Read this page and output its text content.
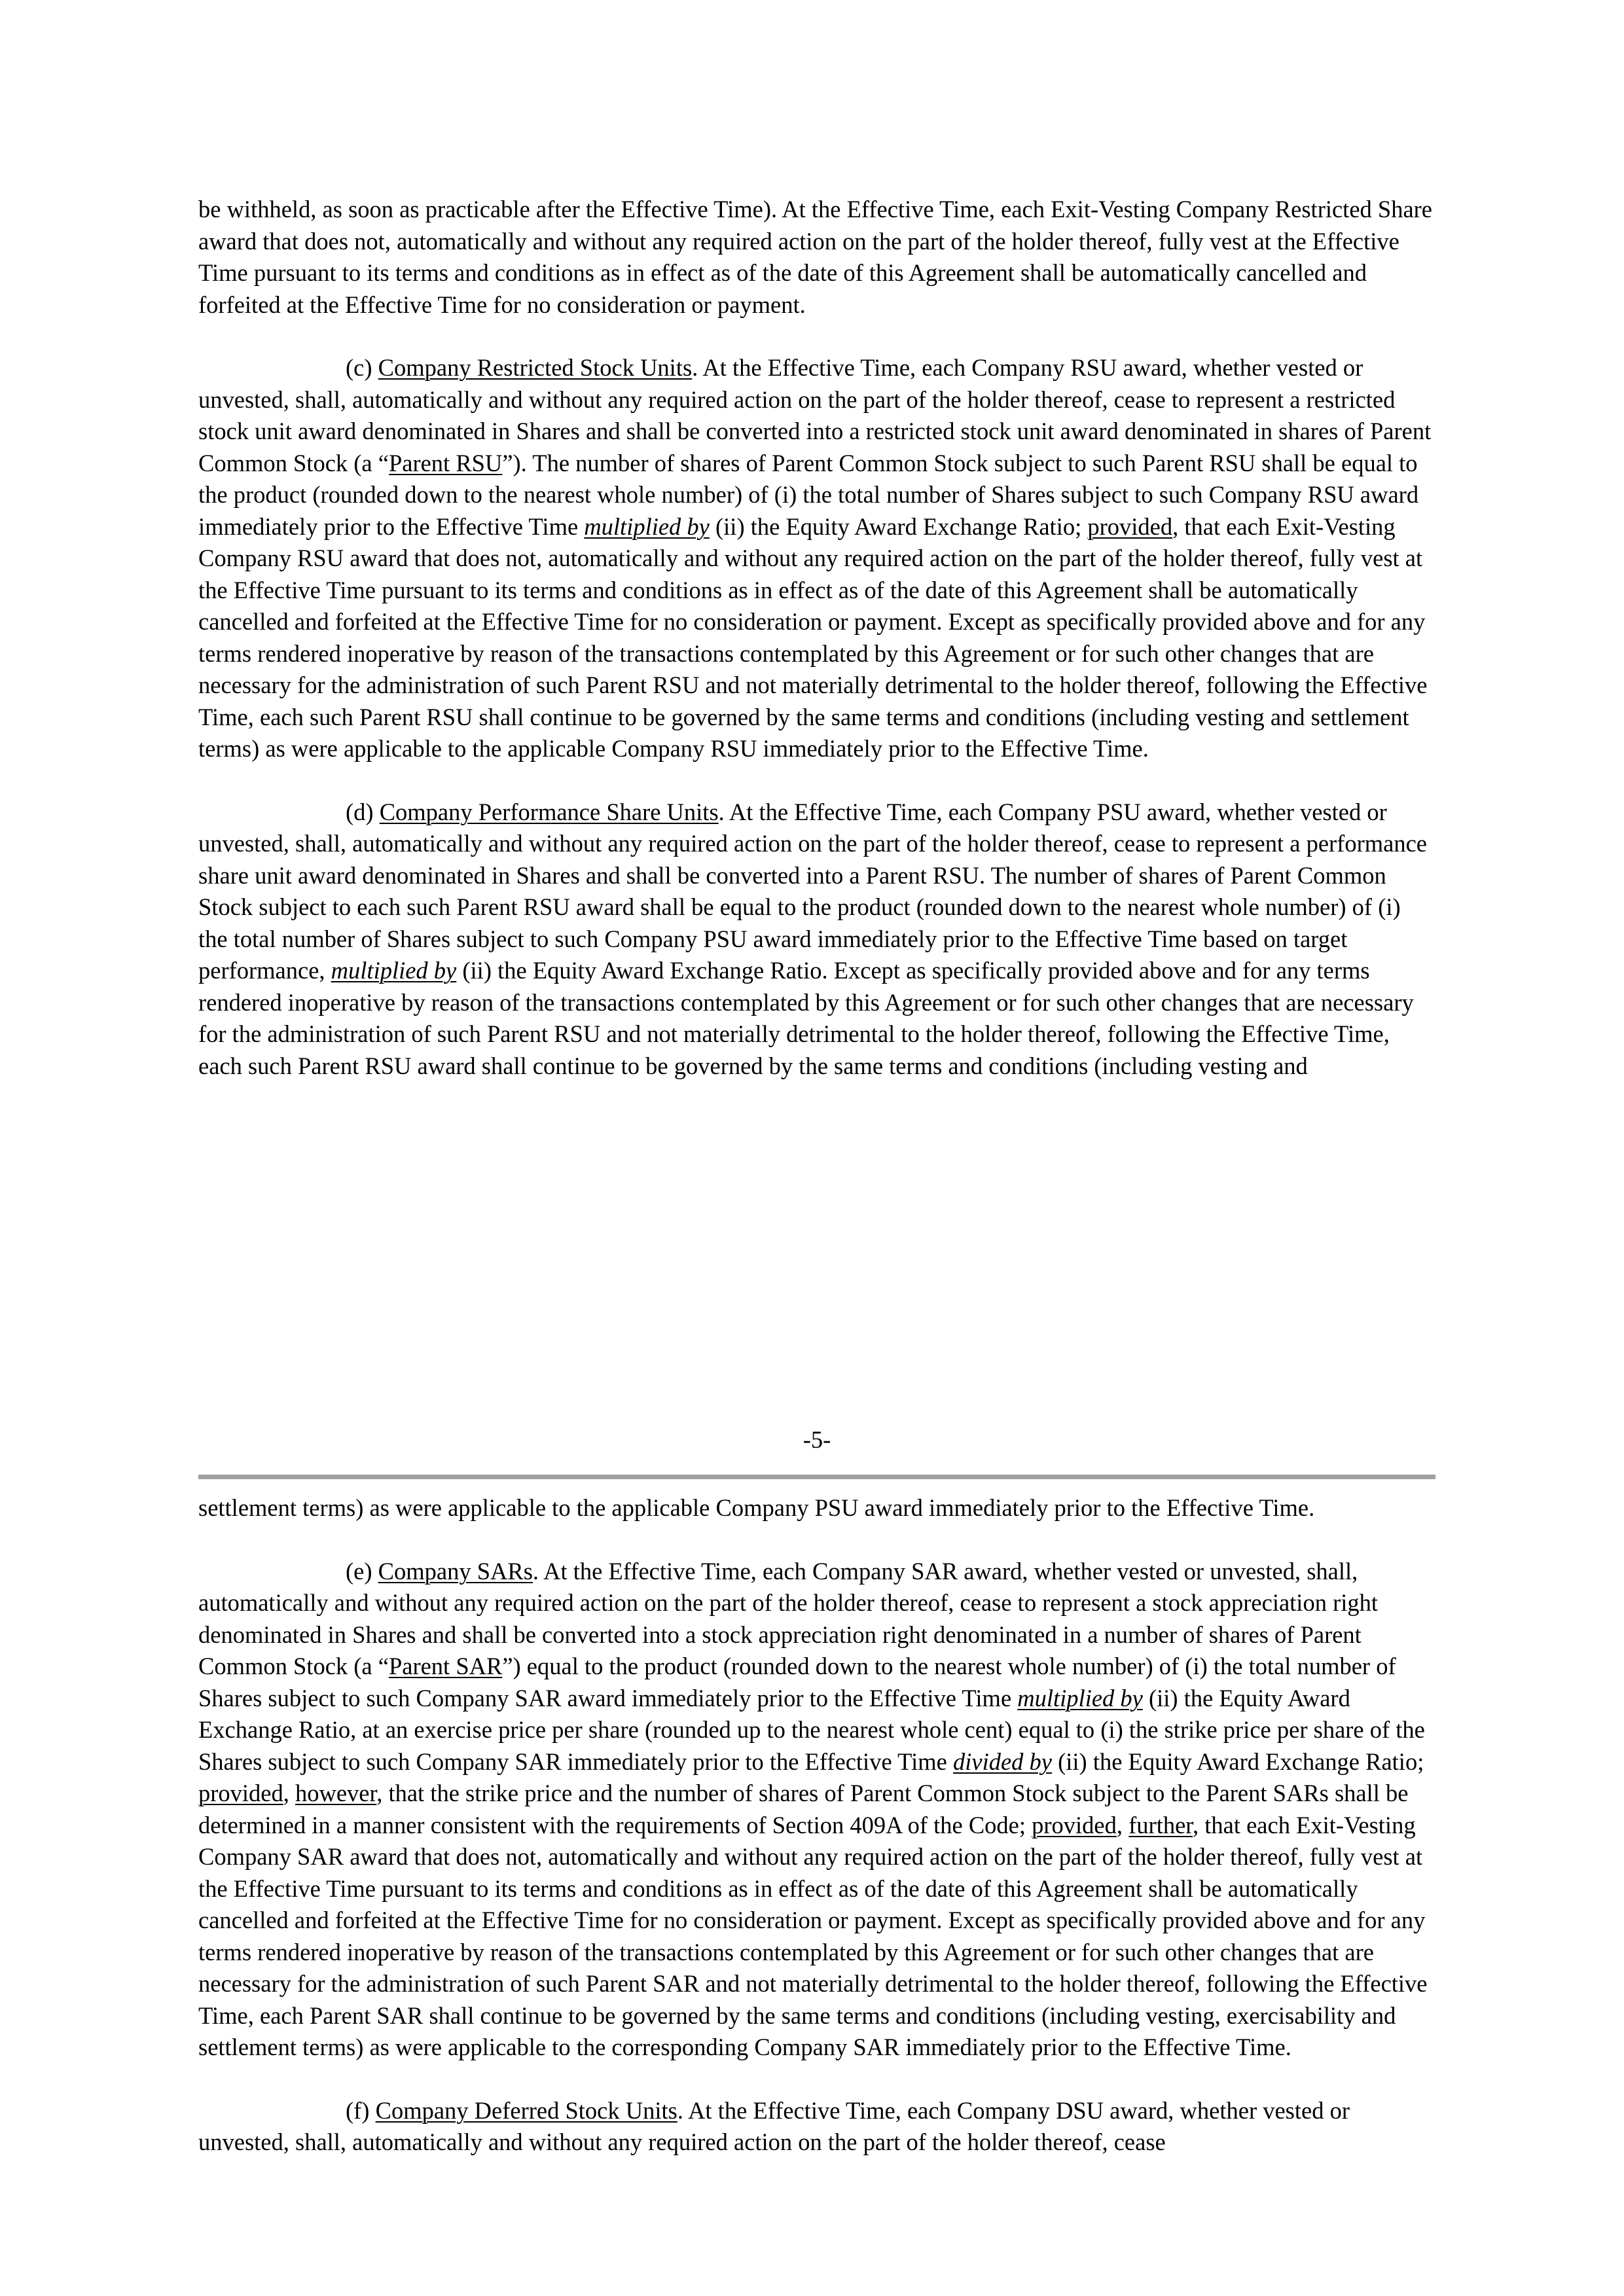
be withheld, as soon as practicable after the Effective Time). At the Effective Time, each Exit-Vesting Company Restricted Share award that does not, automatically and without any required action on the part of the holder thereof, fully vest at the Effective Time pursuant to its terms and conditions as in effect as of the date of this Agreement shall be automatically cancelled and forfeited at the Effective Time for no consideration or payment.

(c) Company Restricted Stock Units. At the Effective Time, each Company RSU award, whether vested or unvested, shall, automatically and without any required action on the part of the holder thereof, cease to represent a restricted stock unit award denominated in Shares and shall be converted into a restricted stock unit award denominated in shares of Parent Common Stock (a “Parent RSU”). The number of shares of Parent Common Stock subject to such Parent RSU shall be equal to the product (rounded down to the nearest whole number) of (i) the total number of Shares subject to such Company RSU award immediately prior to the Effective Time multiplied by (ii) the Equity Award Exchange Ratio; provided, that each Exit-Vesting Company RSU award that does not, automatically and without any required action on the part of the holder thereof, fully vest at the Effective Time pursuant to its terms and conditions as in effect as of the date of this Agreement shall be automatically cancelled and forfeited at the Effective Time for no consideration or payment. Except as specifically provided above and for any terms rendered inoperative by reason of the transactions contemplated by this Agreement or for such other changes that are necessary for the administration of such Parent RSU and not materially detrimental to the holder thereof, following the Effective Time, each such Parent RSU shall continue to be governed by the same terms and conditions (including vesting and settlement terms) as were applicable to the applicable Company RSU immediately prior to the Effective Time.

(d) Company Performance Share Units. At the Effective Time, each Company PSU award, whether vested or unvested, shall, automatically and without any required action on the part of the holder thereof, cease to represent a performance share unit award denominated in Shares and shall be converted into a Parent RSU. The number of shares of Parent Common Stock subject to each such Parent RSU award shall be equal to the product (rounded down to the nearest whole number) of (i) the total number of Shares subject to such Company PSU award immediately prior to the Effective Time based on target performance, multiplied by (ii) the Equity Award Exchange Ratio. Except as specifically provided above and for any terms rendered inoperative by reason of the transactions contemplated by this Agreement or for such other changes that are necessary for the administration of such Parent RSU and not materially detrimental to the holder thereof, following the Effective Time, each such Parent RSU award shall continue to be governed by the same terms and conditions (including vesting and

-5-

settlement terms) as were applicable to the applicable Company PSU award immediately prior to the Effective Time.

(e) Company SARs. At the Effective Time, each Company SAR award, whether vested or unvested, shall, automatically and without any required action on the part of the holder thereof, cease to represent a stock appreciation right denominated in Shares and shall be converted into a stock appreciation right denominated in a number of shares of Parent Common Stock (a “Parent SAR”) equal to the product (rounded down to the nearest whole number) of (i) the total number of Shares subject to such Company SAR award immediately prior to the Effective Time multiplied by (ii) the Equity Award Exchange Ratio, at an exercise price per share (rounded up to the nearest whole cent) equal to (i) the strike price per share of the Shares subject to such Company SAR immediately prior to the Effective Time divided by (ii) the Equity Award Exchange Ratio; provided, however, that the strike price and the number of shares of Parent Common Stock subject to the Parent SARs shall be determined in a manner consistent with the requirements of Section 409A of the Code; provided, further, that each Exit-Vesting Company SAR award that does not, automatically and without any required action on the part of the holder thereof, fully vest at the Effective Time pursuant to its terms and conditions as in effect as of the date of this Agreement shall be automatically cancelled and forfeited at the Effective Time for no consideration or payment. Except as specifically provided above and for any terms rendered inoperative by reason of the transactions contemplated by this Agreement or for such other changes that are necessary for the administration of such Parent SAR and not materially detrimental to the holder thereof, following the Effective Time, each Parent SAR shall continue to be governed by the same terms and conditions (including vesting, exercisability and settlement terms) as were applicable to the corresponding Company SAR immediately prior to the Effective Time.

(f) Company Deferred Stock Units. At the Effective Time, each Company DSU award, whether vested or unvested, shall, automatically and without any required action on the part of the holder thereof, cease
